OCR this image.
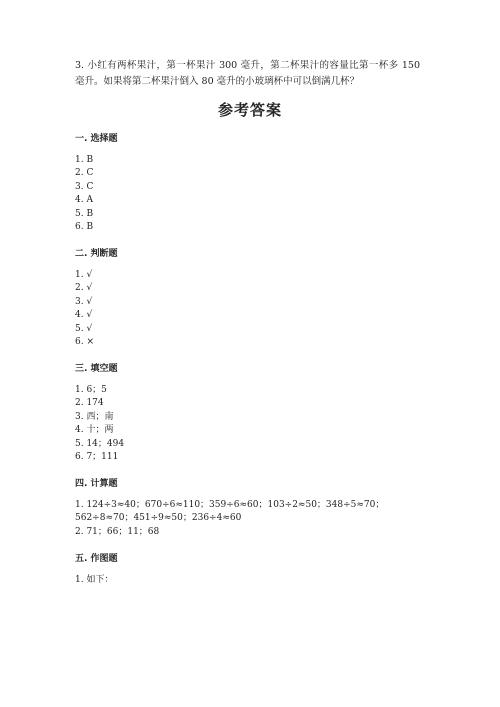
3. 小红有两杯果汁，第一杯果汁 300 毫升，第二杯果汁的容量比第一杯多 150 毫升。如果将第二杯果汁倒入 80 毫升的小玻璃杯中可以倒满几杯？

参考答案
一. 选择题
1. B
2. C
3. C
4. A
5. B
6. B
二. 判断题
1. √
2. √
3. √
4. √
5. √
6. ×
三. 填空题
1. 6；5
2. 174
3. 西；南
4. 十；两
5. 14；494
6. 7；111
四. 计算题
1. 124÷3≈40；670÷6≈110；359÷6≈60；103÷2≈50；348÷5≈70；562÷8≈70；451÷9≈50；236÷4≈60
2. 71；66；11；68
五. 作图题
1. 如下：
